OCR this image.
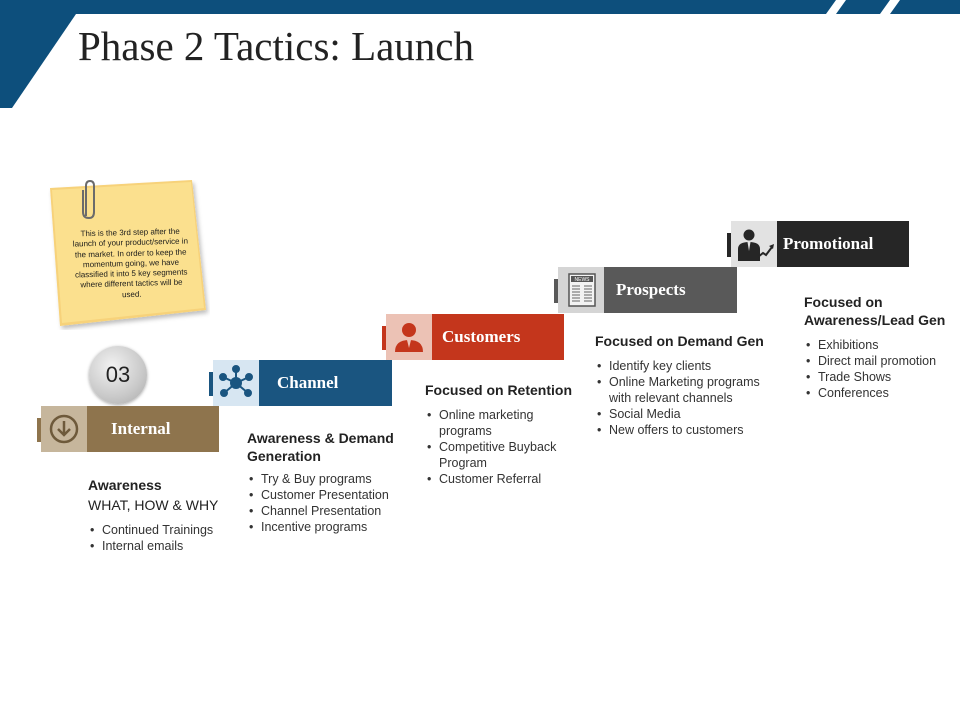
Phase 2 Tactics: Launch
This is the 3rd step after the launch of your product/service in the market. In order to keep the momentum going, we have classified it into 5 key segments where different tactics will be used.
03
Internal
Channel
Customers
NEWS	Prospects
Promotional
Awareness
WHAT, HOW & WHY
• Continued Trainings
• Internal emails
Awareness & Demand Generation
• Try & Buy programs
• Customer Presentation
• Channel Presentation
• Incentive programs
Focused on Retention
• Online marketing programs
• Competitive Buyback Program
• Customer Referral
Focused on Demand Gen
• Identify key clients
• Online Marketing programs with relevant channels
• Social Media
• New offers to customers
Focused on Awareness/Lead Gen
• Exhibitions
• Direct mail promotion
• Trade Shows
• Conferences
